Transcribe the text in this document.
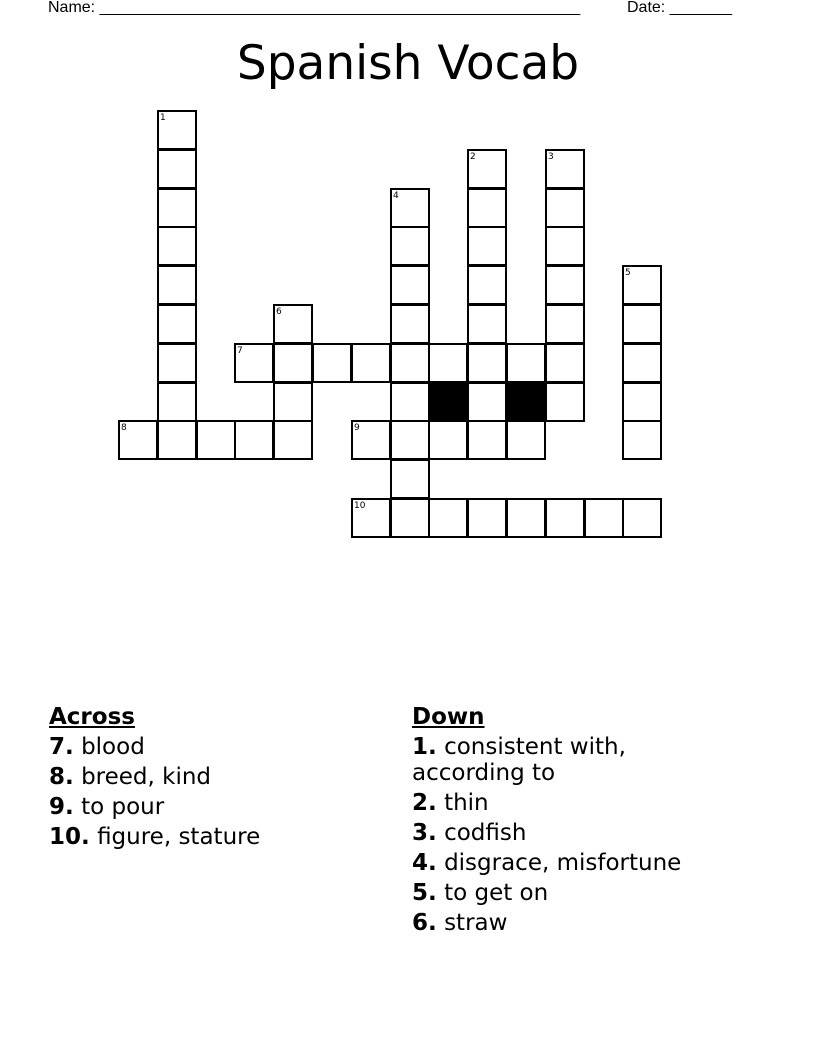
Name: ______________________________________________________	Date: _______
Spanish Vocab
1
2	3
4
5
6
7
8	9
10
Across
7. blood
8. breed, kind
9. to pour
10. figure, stature
Down
1. consistent with, according to
2. thin
3. codfish
4. disgrace, misfortune
5. to get on
6. straw
